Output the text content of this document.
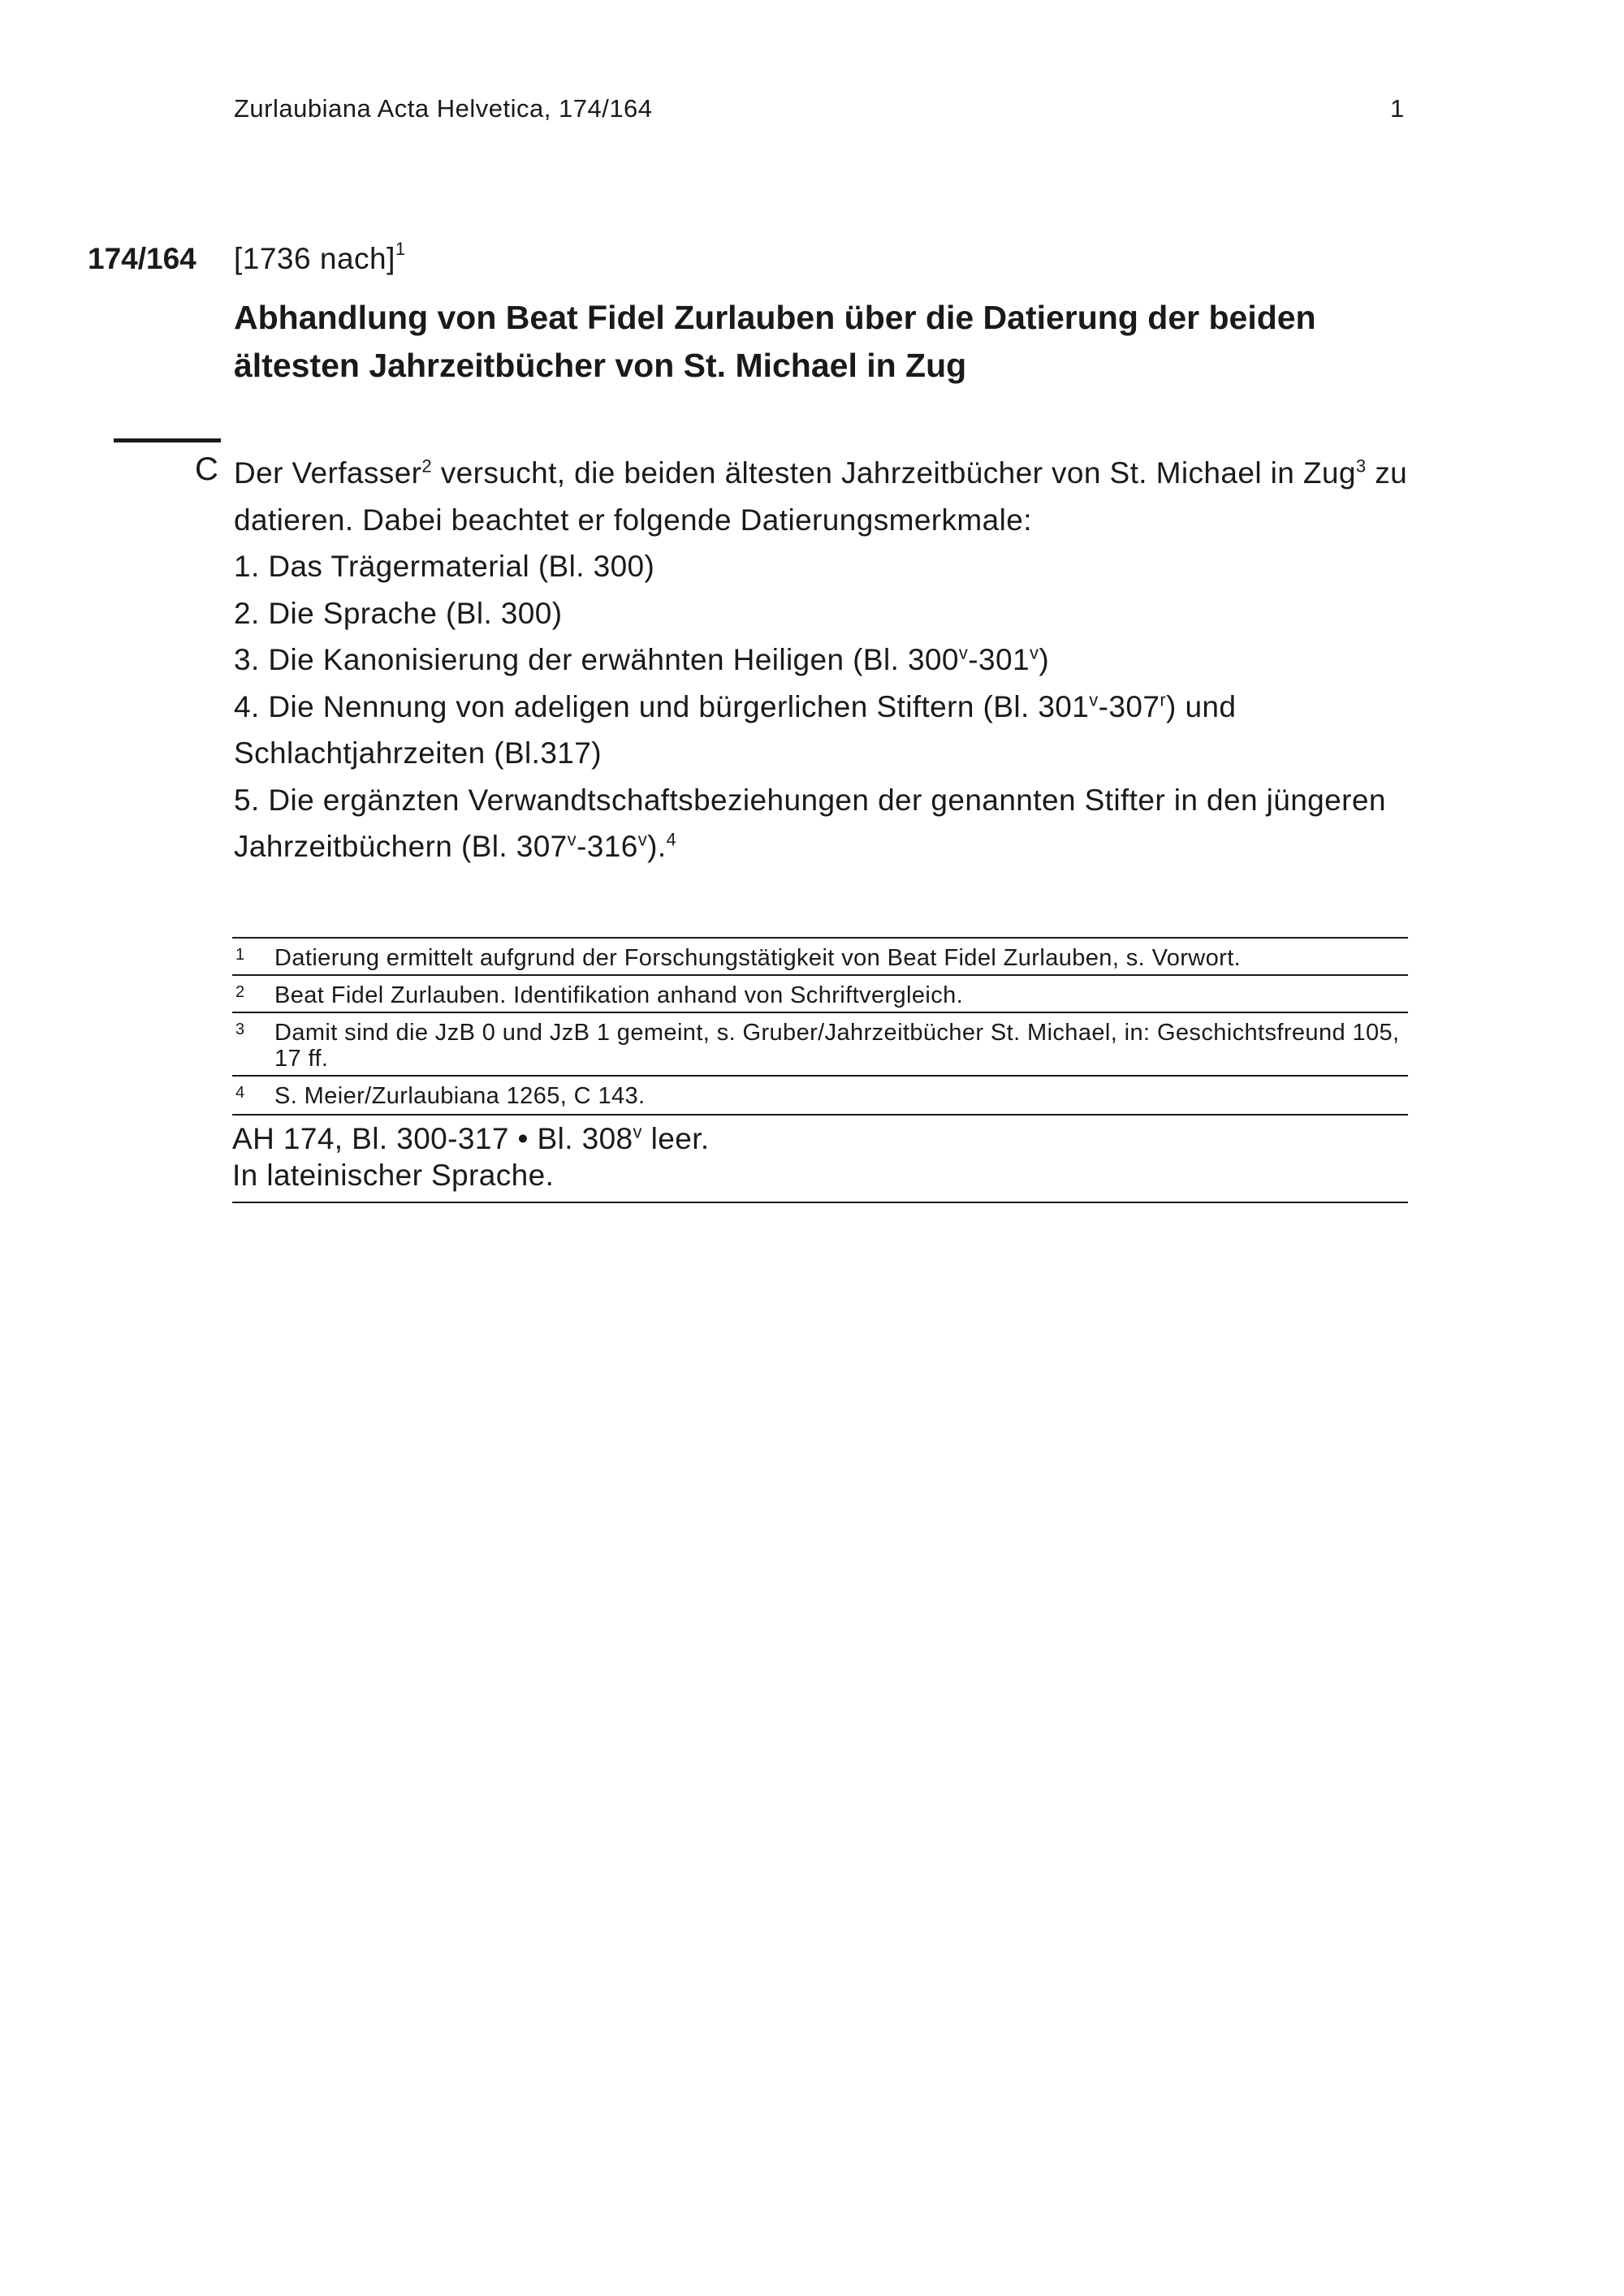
Zurlaubiana Acta Helvetica, 174/164	1
174/164 [1736 nach]$^1$
Abhandlung von Beat Fidel Zurlauben über die Datierung der beiden
ältesten Jahrzeitbücher von St. Michael in Zug
C Der Verfasser$^2$ versucht, die beiden ältesten Jahrzeitbücher von St. Michael in Zug$^3$ zu datieren. Dabei beachtet er folgende Datierungsmerkmale:

1. Das Trägermaterial (Bl. 300)

2. Die Sprache (Bl. 300)

3. Die Kanonisierung der erwähnten Heiligen (Bl. 300$^v$-301$^v$)

4. Die Nennung von adeligen und bürgerlichen Stiftern (Bl. 301$^v$-307$^r$) und Schlachtjahrzeiten (Bl.317)

5. Die ergänzten Verwandtschaftsbeziehungen der genannten Stifter in den jüngeren Jahrzeitbüchern (Bl. 307$^v$-316$^v$).$^4$

1 Datierung ermittelt aufgrund der Forschungstätigkeit von Beat Fidel Zurlauben, s. Vorwort.
2 Beat Fidel Zurlauben. Identifikation anhand von Schriftvergleich.
3 Damit sind die JzB 0 und JzB 1 gemeint, s. Gruber/Jahrzeitbücher St. Michael, in: Geschichtsfreund 105, 17 ff.
4 S. Meier/Zurlaubiana 1265, C 143.
AH 174, Bl. 300-317 • Bl. 308$^v$ leer.
In lateinischer Sprache.
